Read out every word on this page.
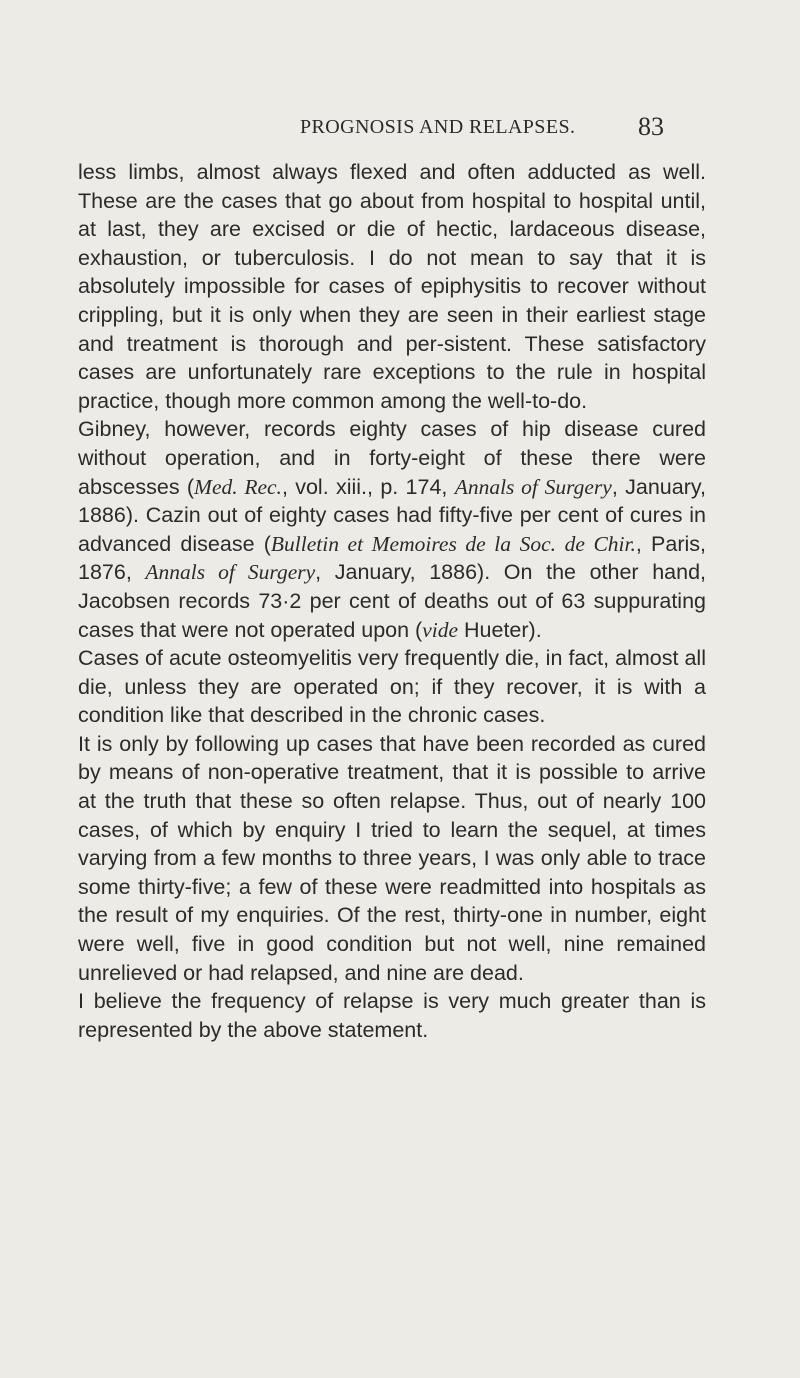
PROGNOSIS AND RELAPSES. 83

less limbs, almost always flexed and often adducted as well. These are the cases that go about from hospital to hospital until, at last, they are excised or die of hectic, lardaceous disease, exhaustion, or tuberculosis. I do not mean to say that it is absolutely impossible for cases of epiphysitis to recover without crippling, but it is only when they are seen in their earliest stage and treatment is thorough and per-sistent. These satisfactory cases are unfortunately rare exceptions to the rule in hospital practice, though more common among the well-to-do.

Gibney, however, records eighty cases of hip disease cured without operation, and in forty-eight of these there were abscesses (Med. Rec., vol. xiii., p. 174, Annals of Surgery, January, 1886). Cazin out of eighty cases had fifty-five per cent of cures in advanced disease (Bulletin et Memoires de la Soc. de Chir., Paris, 1876, Annals of Surgery, January, 1886). On the other hand, Jacobsen records 73·2 per cent of deaths out of 63 suppurating cases that were not operated upon (vide Hueter).

Cases of acute osteomyelitis very frequently die, in fact, almost all die, unless they are operated on; if they recover, it is with a condition like that described in the chronic cases.

It is only by following up cases that have been recorded as cured by means of non-operative treatment, that it is possible to arrive at the truth that these so often relapse. Thus, out of nearly 100 cases, of which by enquiry I tried to learn the sequel, at times varying from a few months to three years, I was only able to trace some thirty-five; a few of these were readmitted into hospitals as the result of my enquiries. Of the rest, thirty-one in number, eight were well, five in good condition but not well, nine remained unrelieved or had relapsed, and nine are dead.

I believe the frequency of relapse is very much greater than is represented by the above statement.
